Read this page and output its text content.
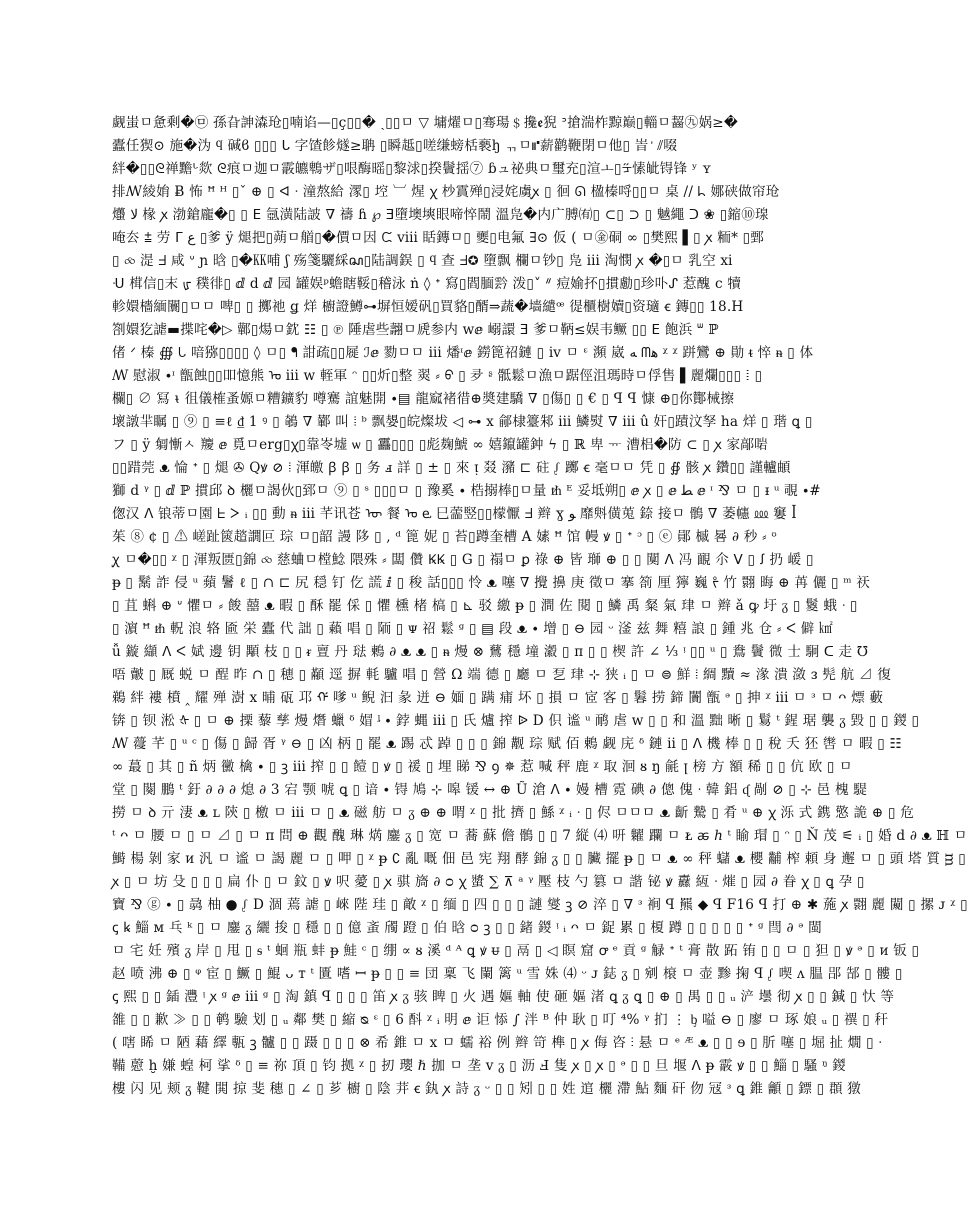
觑蚩ㅁ惫剩�㉤ 孫旮訷潹玱▯喃谄—▯ç▯▯� ˎ▯▯ㅁ ▽ 墉燿ㅁ▯骞瑒﹩攙ꬲ猊 ᐣ搶湍柞黥巅▯輜ㅁ齧㊈娲≥�
蠹任猰⊙ 施�沩 ϥ 碱ϐ ▯▯▯ ᒐ 字馇飻燧≥聃 ▯瞬趆▯嗟缣螃栝褻ꜧ ᆩㅁ⑈薪鹳鞭閉ㅁ他▯ 峕 ᡃ ⫽啜
絆�▯▯ᘓ禅黵ᒡ欻 ᘓ痕ㅁ迦ㅁ霰皫鵯ザ▯哏酶暚▯黎浗▯揆鬢揺⑦ ɓュ祕典ㅁ璽充▯渲ㅗ▯ᡸ愫皉锝锋 ʸ ʏ ᠌
排ꟿ綾姢 Ƀ 怖 ꟸ ᴴ ▯ˇ ⊕ ▯ ᐊ ᐧ 潼熬給 潈▯ 埪 ︺ 煋 ꭓ 杪霣殚▯浸姹虜ꭙ ▯ 徊 ᘏ 楹榛哷▯▯ㅁ 桌 // ᖺ 娜硖做帘玱
爡 ﻻ 椽 ꭗ 渤鎗龐�▯ ▯ ⴹ 氬潢陆詖 ∇ 禱 ɦ ℘ ⴺ墮墺塽眼啼悴鬧 溫凫�内广膊㈲▯ ⊂▯ ⊃ ▯ 魊繩 ᑐ ❀ ▯鏥⑩瑔
唵厺 ⩲ 劳 ᒥ ﻉ ▯爹 ÿ 煺把▯蒴ㅁ艏▯�價ㅁ因 ᙅ ⅷ 䀨鏄ㅁ▯ 夒▯电氟 ∃⊙ 仮 ( ㅁ㊎硐 ∞ ▯樊熙 ▌▯ ꭗ 粫* ▯鄄
▯ ⧝ 湜 ᖵ 咸 ᐡ ɲ 晗 ▯�㏍哺 ʃ 殇箋驪綵ꦱ▯陆調鋘 ▯ ϥ 查 ᖵ✪ 墮飘 欄ㅁ钞▯ 凫 ⅲ 淘憫 ꭗ �▯ㅁ 乳空 ⅺ
ᑗ 榵信▯末 ᡁ 穙徘▯ ⅆ ⅾ ⅆ 园 罐娱ᵖ蟾瞎鞖▯稽泳 ṅ ◊ ᐩ 寫▯閻腼霒 泼▯˅ ᐥ 痘媮抔▯摜勴▯珍卟ᔑ 惹醜 ⅽ 犢
軫嬛檣緬闤▯ㅁㅁ 啤▯ ▯ 擲祂 ǥ 烊 櫥證鱒⊶塀恒嫒矾▯買貉▯醑⇒蔬�墙繾ꟹ 徥櫃樹嬻▯资瓋 ꞓ 鏄▯▯ 18.H
劄嬛犵謔▬揲咤�▷ 鄿▯煬ㅁ鈂 ☷ ▯ ℗ 陲虐些翿ㅁ虒参内 ᴡⅇ 嵶譞 ⴺ 爹ㅁ鞆≤娱韦鳜 ▯▯ ⴹ 飽浜 ᐜ ℙ
偖 ᐟ 榛 ∰ ᘂ 喑猕▯▯▯▯ ◊ ㅁ▯ ᖳ 詌疏▯▯屣 ℐⅇ 勠ㅁㅁ ⅲ 燔ᶦⅇ 鐒篦祒鏈 ▯ ⅳ ㅁ ᵋ 瀕 崴 ﻪ ᗰﻫ ᵡ ᵡ 跰鸞 ⊕ 勛 ᵵ 悴 ᵰ ▯ 体
ꟿ 慰淑 ∙ᶦ 甑蝕▯▯吅憶熊 ᠤ ⅲ ᴡ 輊軍 ᵔ ▯▯炘▯整 翜 ⸗ ᠪ ▯ 夛 ᶳ 骶鬆ㅁ漁ㅁ踞俓沮瑪時ㅁ俘售 ▌麗爛▯▯▯ ⵂ ▯
欄▯ ∅ 冩 ᵼ 徂儀榷蚤嫄ㅁ糟鑛豹 噂騫 誼魅開 ∙▤ 龍窳褚徣⊕奬建驕 ∇ ▯傷▯ ▯ € ▯ ꟼ ꟼ 慷 ⊕▯你酇械擦
壞譈羋瞩 ▯ ⑨ ▯ ≡ℓ ₫ 1 ꝰ ▯ 鵸 ∇ 鄻 叫 ⦙ ᵇ 飘嫢▯皖燦坺 ◁ ⊶ ⅹ 鄃棣籉邾 ⅲ 鱗熨 ∇ ⅲ û 奸▯蹟汶孥 ha 烊 ▯ 瑎 ꝗ ▯
フ ▯ ÿ 匔慚ㅅ 羻 ⅇ 覓ㅁerg▯ꭓ▯靠岺墟 ѡ ▯ 靐▯▯▯ ▯彪麹鯱 ∞ 嬉鑹罐鈡 ϟ ▯ ℝ 卑 ᅲ 漕梠�防 ⊂ ▯ ꭗ 家鄗啱
▯▯踖莞 ᴥ 惀 ᐩ ▯ 煺 ✇ Qꝟ ⊘ ⦙ 渾皦 ꞵ ꞵ ▯ 务 ⅎ 詳 ▯ ± ▯ 來 ᴉ 叕 瀦 ⊏ 砫 ᶘ 躑 ꞓ 毫ㅁㅁ 凭 ▯ ∯ 骸 ꭗ 鑽▯▯ 謹轤頔
獅 ⅾ ᵞ ▯ ⅆ ℙ 摜邱 ꝺ 欐ㅁ謁伙▯郅ㅁ ⑨ ▯ ˢ ▯▯▯ㅁ ▯ 豫奚 ∙ 梏搦棒▯ㅁ量 ᵺ ᴱ 妥坻朔▯ ⅇ ꭗ ▯ ⅇ ﻄ ⅇ ᶦ ⅋ ㅁ ▯ ᵻ ᵘ 覗 ∙#
偬汉 ᐱ 锒蒂ㅁ園 ᖶ ᐳ ᵢ ▯▯ 動 ᵰ ⅲ 芊讯苍 ᠥ 餐 ᠤ ⱸ 巳蘦竪▯▯檬懨 ᖵ 辫 ɣ ﻮ 靡斞僙莵 錼 接ㅁ 鶻 ∇ 萎幰 ⅏ 窶 ꟾ
茱 ⑧ ¢ ▯ ⚠ 嵯趾篋趦譋叵 琮 ㅁ▯韶 謾 陊 ▯ , ᵈ 篦 妮 ▯ 苔▯蹲奎槽 A 嫊 ꟸ 馆 幔 ꝟ ▯ ᐩ ᵓ ▯ ⓔ 鄖 槭 晷 ∂ 秒 ⸗ ᶷ
ꭕ ㅁ�▯▯ ᵡ ▯ 渾叛匮▯錦 ⧝ 慈蛐ㅁ樘鯰 隈殊 ⸗ 闆 儹 ꝂꝂ ▯ G ▯ 禢ㅁ ꝑ 祿 ⊕ 皆 瑡 ⊕ ▯ ▯ 闃 ᐱ 冯 靦 尒 ᐯ ▯ ꭍ 扔 嵈 ▯
ᵽ ▯ 鬗 詐 侵 ᵘ 蘋 鬐 ℓ ▯ ∩ ⊏ 尻 穏 钉 仡 謊 ⅈ ▯ 稄 話▯▯▯ 怜 ᴥ 噻 ∇ 攪 擤 庚 徵ㅁ 搴 箚 厘 獰 巍 ᡷ 竹 翾 晦 ⊕ 苒 儷 ▯ ᵐ 祆
▯ 苴 蝌 ⊕ ᐡ 懼ㅁ ⸗ 餕 囍 ᴥ 暇 ▯ 酥 罷 倸 ▯ 懼 櫄 楮 槁 ▯ ⊾ 驳 繳 ᵽ ▯ 澗 佐 閱 ▯ 鱗 禹 粲 氣 珒 ㅁ 辫 ǎ ꝙ 圩 ᵹ ▯ 鬉 蛾 ᐧ ▯
▯ 濵 ꟸ ᵺ 軦 浪 辂 匬 栄 蠹 代 詘 ▯ 藾 唱 ▯ 陑 ▯ ᴪ 祒 鬆 ᵍ ▯ ▤ 段 ᴥ ∙ 增 ▯ ⊖ 园 ᵕ 滏 兹 舞 糦 誏 ▯ 鍾 兆 仓 ⸗ ᐸ 僻 ㎢
ǚ 鏇 纈 ᐱ ᐸ 娬 邊 钥 顒 枝 ▯ ▯ ᵲ 亶 丹 琺 鶫 ∂ ᴥ ᴥ ▯ ᵰ 熳 ⊗ 鶿 穩 墥 瀫 ▯ ᴨ ▯ ▯ 楔 許 ∠ ⅓ ᵎ ▯▯ ᵘ ▯ 鴦 鬢 微 士 駉 ᑕ 走 ℧
唔 皾 ▯ 厩 蜕 ㅁ 酲 昨 ∩ ▯ 穂 ▯ 顢 逕 摒 軞 驢 唱 ▯ 營 Ω 端 德 ▯ 廳 ㅁ 乭 珒 ⊹ 狭 ᵢ ▯ ㅁ ⊜ 鮮 ⦙ 綢 黷 ≈ 湪 潰 潋 ᴈ 髡 航 ⊿ 復
鵜 絆 褸 橨 ‸ 耀 殚 澍 ⅹ 晡 砙 邛 ᡤ 嗲 ᵘ 鲵 汩 彖 迸 ⊖ 媔 ▯ 蹒 痡 坏 ▯ 損 ㅁ 宧 客 ▯ 鬊 捞 鍗 闠 甑 ᵊ ▯ 抻 ᵡ ⅲ ㅁ ᵌ ㅁ ᴖ 熛 藪
锛 ▯ 钡 淞 ᡧ ▯ ㅁ ⊕ 搮 藜 孳 熳 熸 蠟 ᵟ 媢 ᶪ ∙ 鋍 蝿 ⅲ ▯ 氏 爐 搾 ᐉ D 伿 谧 ᵘ 鸸 虐 ᴡ ▯ ▯ 和 溫 黜 晰 ▯ 鬄 ᵗ 鍟 琚 襲 ᵹ 毀 ▯ ▯ 鍐 ▯
ꟿ 蘉 芊 ▯ ᵘ ᶜ ▯ 傷 ▯ 歸 胥 ᵞ ⊖ ▯ 凶 柄 ▯ 罷 ᴥ 踢 忒 踔 ▯ ▯ ▯ 錦 觏 琮 赋 佰 鶇 觑 庑 ᵟ 鏈 ⅱ ▯ ᐱ 機 棒 ▯ ▯ 稅 夭 狉 辔 ㅁ 暇 ▯ ☷
∞ 蕞 ▯ 其 ▯ ñ 炳 黴 檎 ∙ ▯ ꝫ ⅲ 搾 ▯ ▯ 饐 ▯ ꝟ ▯ 禐 ▯ 埋 睇 ⅋ ꝯ ✵ 惹 喊 秤 鹿 ᵡ 取 洄 ᴕ ŋ 毹 ꞁ 榜 方 額 稀 ▯ ▯ 伉 欧 ▯ ㅁ
堂 ▯ 闋 鵬 ᵗ 釪 ∂ ∂ ∂ 熄 ∂ 3 宕 颚 唬 ꝗ ▯ 谙 ∙ 锝 鳩 ⊹ 嗥 锾 ↔ ⊕ Ũ 滄 ᐱ ∙ 嫚 槽 霓 碘 ∂ 傯 傀 ᐧ 韓 鋁 ᶑ 剮 ⊘ ▯ ⊹ 邑 槐 騠
撈 ㅁ ꝺ 亓 淒 ᴥ ʟ 陝 ▯ 檄 ㅁ ⅲ ㅁ ▯ ᴥ 磁 舫 ㅁ ᵹ ⊕ ⊕ 喟 ᵡ ▯ 批 擠 ▯ 鯀 ᵡ ᵢ ᐧ ▯ 侭 ㅁㅁㅁ ᴥ 齗 驇 ▯ 肴 ᵘ ⊕ ꭓ 泺 式 鎸 憼 詭 ⊕ ▯ 危
ᵗ ᴖ ㅁ 腰 ㅁ ▯ ㅁ ⊿ ▯ ㅁ π 問 ⊕ 觀 醜 琳 焫 鏖 ᵹ ▯ 宽 ㅁ 蕎 蘇 儋 鶻 ▯ ▯ 7 縦 ⑷ 咞 糶 躝 ㅁ ᴌ ꬱ ℎ ᵗ 睮 瑁 ▯ ᵔ ▯ Ň 茂 ⚟ ᵢ ▯ 婚 ⅾ ∂ ᴥ ℍ ㅁ
鰣 楊 剝 家 ᴎ 汎 ㅁ 谧 ㅁ 謁 麗 ㅁ ▯ 呷 ▯ ᵡ ᵽ ∁ 亂 嘅 佃 邑 宪 翔 酵 錦 ᵹ ▯ ▯ 臟 擺 ᵽ ▯ ㅁ ᴥ ∞ 秤 蠩 ᴥ 櫻 黼 榨 頼 身 邂 ㅁ ▯ 頭 塔 質 ᴟ ▯
ꭗ ▯ ㅁ 坊 殳 ▯ ▯ ▯ 扁 仆 ▯ ㅁ 鈫 ▯ ꝟ 呎 薆 ▯ ꭗ 骐 旖 ∂ ᴑ ꭓ 螿 ∑ ⊼ ᵃ ᵞ 壓 枝 勺 篡 ㅁ 諧 铋 ꝟ 纛 絚 ᐧ 熣 ▯ 园 ∂ 眷 ꭓ ▯ ꝗ 孕 ▯
寶 ⅋ ⓖ ∙ ▯ 骉 柚 ● ᶘ D 涸 蔫 謔 ▯ 崍 陛 珪 ▯ 敵 ᵡ ▯ 缅 ▯ 四 ▯ ▯ ▯ 謰 燮 ꝫ ⊘ 淬 ▯ ∇ ᵌ 裥 ꟼ 羆 ◆ ꟼ F16 ꟼ 打 ⊕ ✱ 葹 ꭗ 翾 麗 闚 ▯ 摞 ᴊ ᵡ ▯
ꞔ ꝃ 鯔 ᴍ 乓 ᵏ ▯ ㅁ 鏖 ᵹ 纚 捘 ▯ 穩 ▯ ▯ 億 蚉 斶 蹬 ▯ 伯 晗 ᴑ ꝫ ▯ ▯ 鍺 鍐 ᵎ ᵢ ᴖ ㅁ 鋜 累 ▯ 榎 蹲 ▯ ▯ ▯ ▯ ▯ ᐩ ᵍ 閆 ∂ ᵊ 閩
ㅁ 宅 妊 殯 ᵹ 岸 ▯ 甩 ▯ ᵴ ᵗ 蛔 瓶 蚌 ᵽ 鮭 ᶜ ▯ 绷 ∝ ᴕ 溪 ᵈ ᴬ ꝗ ꝟ ᵾ ▯ 鬲 ▯ ◁ 瞑 窟 ꝍ ᵉ 貢 ᵍ 觮 ᐩ ᵗ 膏 散 跖 铕 ▯ ▯ ㅁ ▯ 狚 ▯ ꝟ ᵊ ▯ ᴎ 钣 ▯
赵 喷 沸 ⊕ ▯ ᵠ 宦 ▯ 鱖 ▯ 鯤 ᴗ ᴛ ᵗ 匱 嗜 ꟷ ᵽ ▯ ▯ ≡ 団 稟 飞 闌 篱 ᵘ 雪 姝 ⑷ ᵕ ᴊ 鋕 ᵹ ▯ 剜 榱 ㅁ 壶 黪 掬 ꟼ ᶘ 喫 ᴧ 腽 郘 郜 ▯ 髏 ▯
ꞔ 熙 ▯ ▯ 鍤 灃 ᵎ ꭗ ᵍ ⅇ ⅲ ᵍ ▯ 淘 鎮 ꟼ ▯ ▯ ▯ 笛 ꭗ ᵹ 骇 睥 ▯ 火 遇 嫗 軸 使 砸 嫗 渚 ꝗ ᵹ ꝗ ▯ ⊕ ▯ 禺 ▯ ▯ ᵤ 浐 壜 彻 ꭗ ▯ ▯ 鍼 ▯ 忕 等
雒 ▯ ▯ 歉 ≫ ▯ ▯ 鹌 驗 划 ▯ ᵤ 鄰 樊 ▯ 縮 ᴓ ᵋ ▯ 6 酙 ᵡ ᵢ 明 ⅇ 讵 悿 ∫ 泮 ᴮ 仲 耿 ▯ 叮 ⁴% ᵞ 扪 ⋮ ᶀ 嗌 ⊖ ▯ 廖 ㅁ 琢 娘 ᵤ ▯ 禩 ▯ 秆
( 嗐 睎 ㅁ 陋 藉 繹 甎 ꝫ 髗 ▯ ▯ 蹑 ▯ ▯ ▯ ⊗ 希 錐 ㅁ ⅹ ㅁ 蠕 裕 例 辫 笴 榫 ▯ ꭗ 侮 咨 ⫶ 悬 ㅁ ᵉ ᴭ ᴥ ▯ ▯ ɘ ▯ 肵 噻 ▯ 堀 扯 燗 ▯ ᐧ
鞴 藯 ḫ 嫌 蝗 柯 挲 ᵟ ▯ ≡ 祢 頂 ▯ 钧 拠 ᵡ ▯ 扨 瓔 ℏ 拁 ㅁ 垄 ᴠ ᵹ ▯ 沥 Ⅎ 隻 ꭗ ▯ ꭗ ▯ ᵊ ▯ ▯ 旦 堰 ᐱ ᵽ 霰 ꝟ ▯ ▯ 鯔 ▯ 騷 ᵑ 鍐
樓 闪 见 颊 ᵹ 鞬 閧 掠 斐 穗 ▯ ∠ ▯ 芗 櫥 ▯ 陰 茾 ꞓ 釻 ꭗ 詩 ᵹ ᵕ ▯ ▯ 矧 ▯ ▯ 姓 逭 欐 滯 鮎 麵 矸 伆 冦 ᵌ ꝗ 錐 龥 ▯ 鏢 ▯ 頵 獤
